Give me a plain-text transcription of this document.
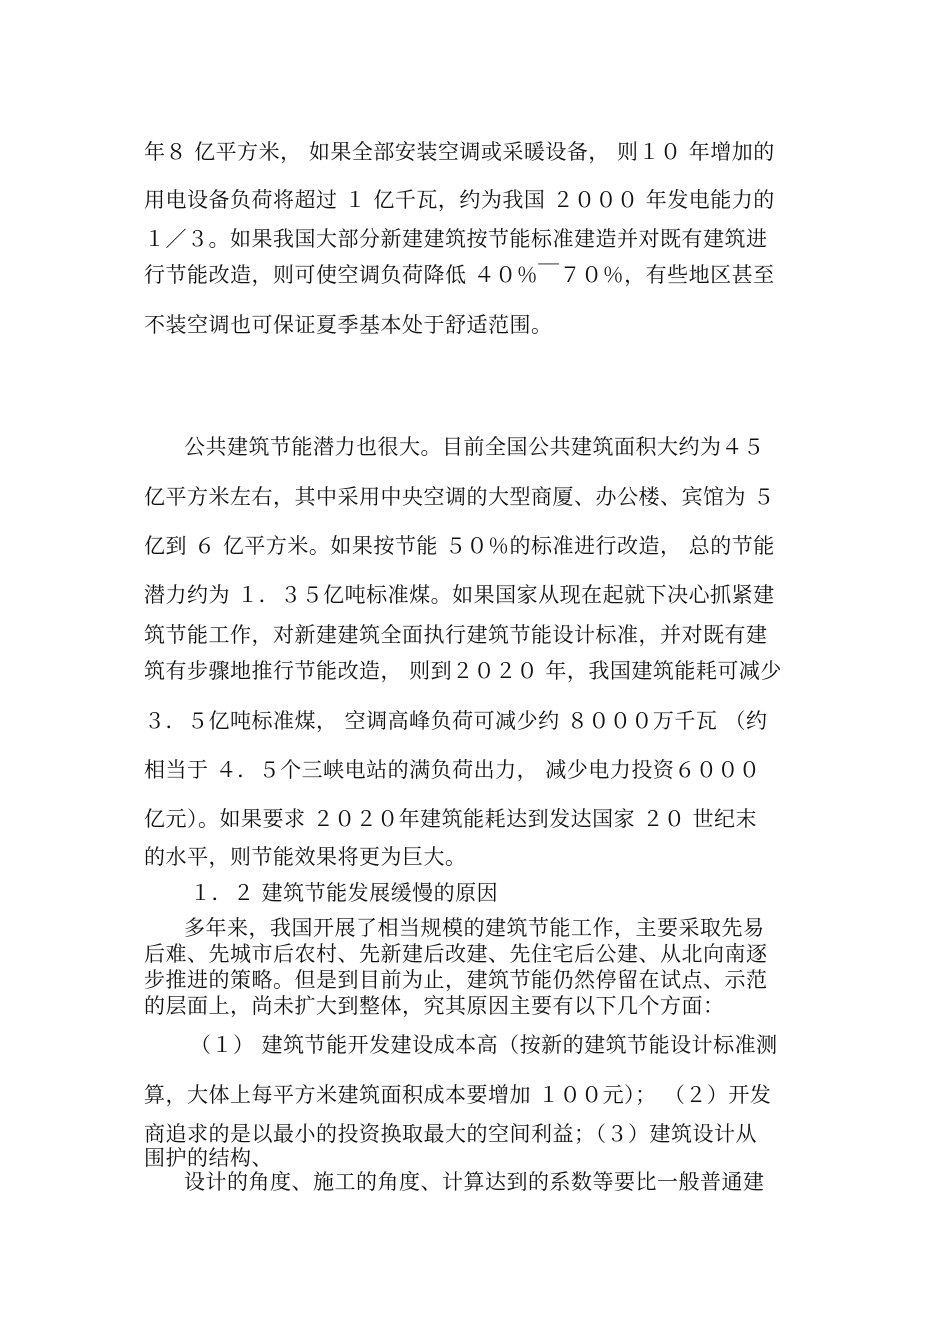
年８ 亿平方米， 如果全部安装空调或采暖设备， 则１０ 年增加的
用电设备负荷将超过 １ 亿千瓦，约为我国 ２０００ 年发电能力的
１／３。如果我国大部分新建建筑按节能标准建造并对既有建筑进
行节能改造，则可使空调负荷降低 ４０％￣７０％，有些地区甚至
不装空调也可保证夏季基本处于舒适范围。
公共建筑节能潜力也很大。目前全国公共建筑面积大约为４５
亿平方米左右，其中采用中央空调的大型商厦、办公楼、宾馆为 ５
亿到 ６ 亿平方米。如果按节能 ５０％的标准进行改造， 总的节能
潜力约为 １．３５亿吨标准煤。如果国家从现在起就下决心抓紧建
筑节能工作，对新建建筑全面执行建筑节能设计标准，并对既有建
筑有步骤地推行节能改造， 则到２０２０ 年，我国建筑能耗可减少
３．５亿吨标准煤， 空调高峰负荷可减少约 ８０００万千瓦 （约
相当于 ４．５个三峡电站的满负荷出力， 减少电力投资６０００
亿元）。如果要求 ２０２０年建筑能耗达到发达国家 ２０ 世纪末
的水平，则节能效果将更为巨大。
１．２ 建筑节能发展缓慢的原因
多年来，我国开展了相当规模的建筑节能工作，主要采取先易
后难、先城市后农村、先新建后改建、先住宅后公建、从北向南逐
步推进的策略。但是到目前为止，建筑节能仍然停留在试点、示范
的层面上，尚未扩大到整体，究其原因主要有以下几个方面：
（１） 建筑节能开发建设成本高（按新的建筑节能设计标准测
算，大体上每平方米建筑面积成本要增加 １００元）； （２）开发
商追求的是以最小的投资换取最大的空间利益；（３）建筑设计从
围护的结构、
设计的角度、施工的角度、计算达到的系数等要比一般普通建
